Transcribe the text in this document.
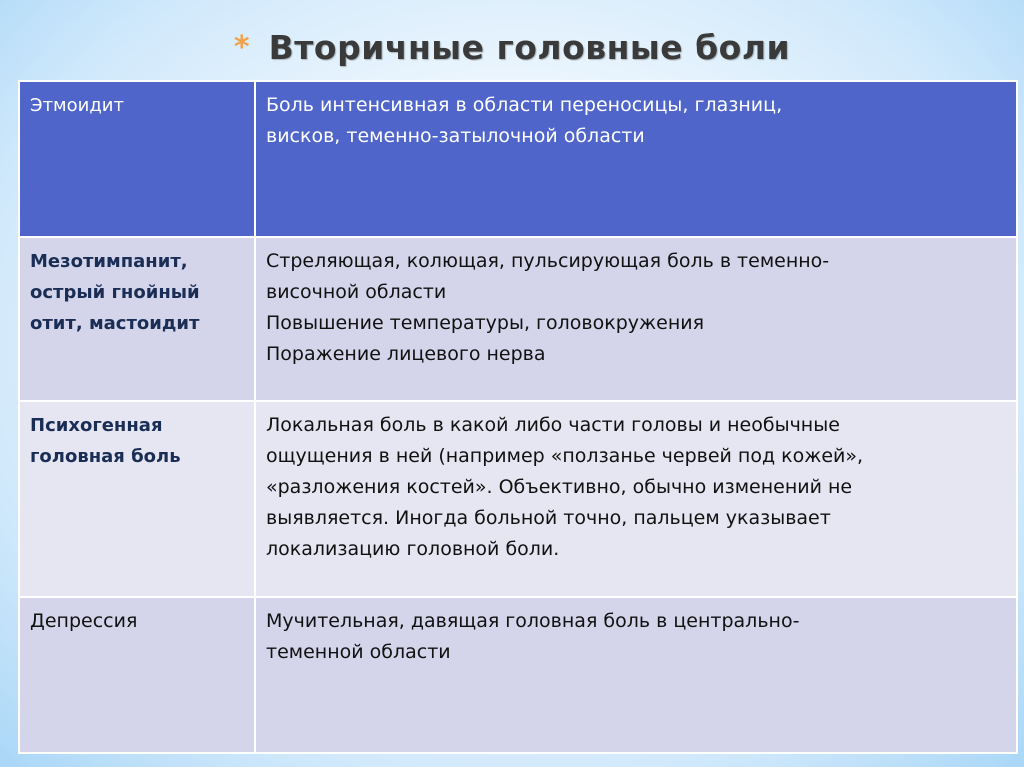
* Вторичные головные боли
Этмоидит	Боль интенсивная в области переносицы, глазниц,
висков, теменно-затылочной области

Мезотимпанит,
острый гнойный
отит, мастоидит	Стреляющая, колющая, пульсирующая боль в теменно-
височной области
Повышение температуры, головокружения
Поражение лицевого нерва

Психогенная
головная боль	Локальная боль в какой либо части головы и необычные
ощущения в ней (например «ползанье червей под кожей»,
«разложения костей». Объективно, обычно изменений не
выявляется. Иногда больной точно, пальцем указывает
локализацию головной боли.

Депрессия	Мучительная, давящая головная боль в центрально-
теменной области
